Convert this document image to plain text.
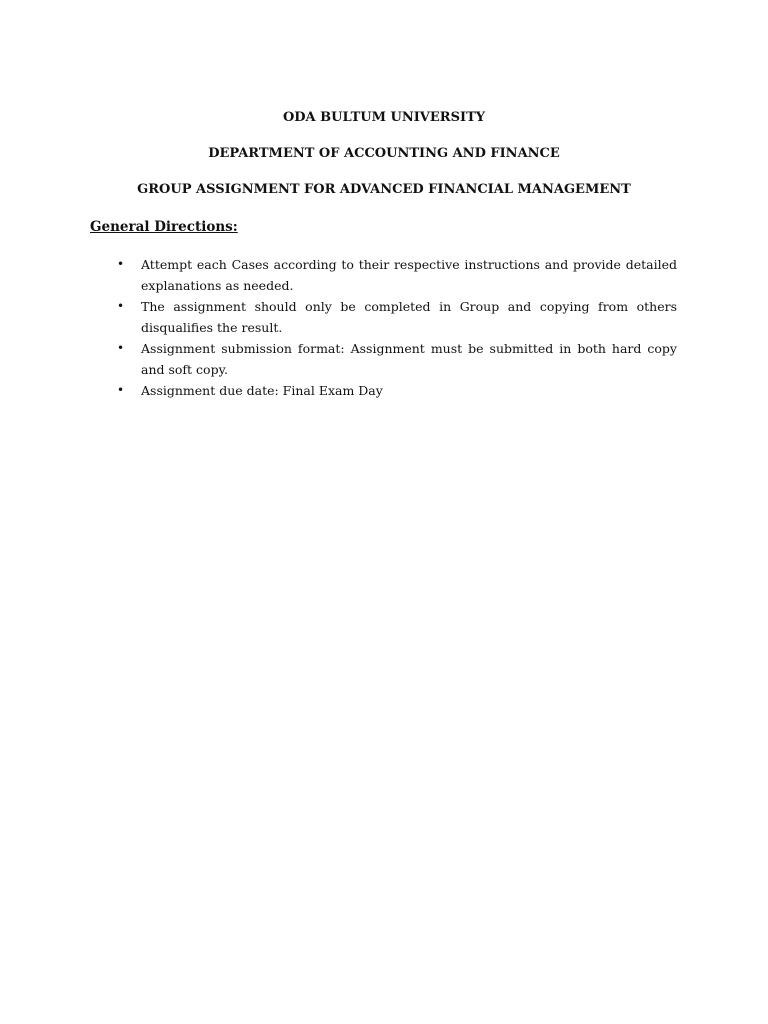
ODA BULTUM UNIVERSITY
DEPARTMENT OF ACCOUNTING AND FINANCE
GROUP ASSIGNMENT FOR ADVANCED FINANCIAL MANAGEMENT
General Directions:
• Attempt each Cases according to their respective instructions and provide detailed explanations as needed.
• The assignment should only be completed in Group and copying from others disqualifies the result.
• Assignment submission format: Assignment must be submitted in both hard copy and soft copy.
• Assignment due date: Final Exam Day
